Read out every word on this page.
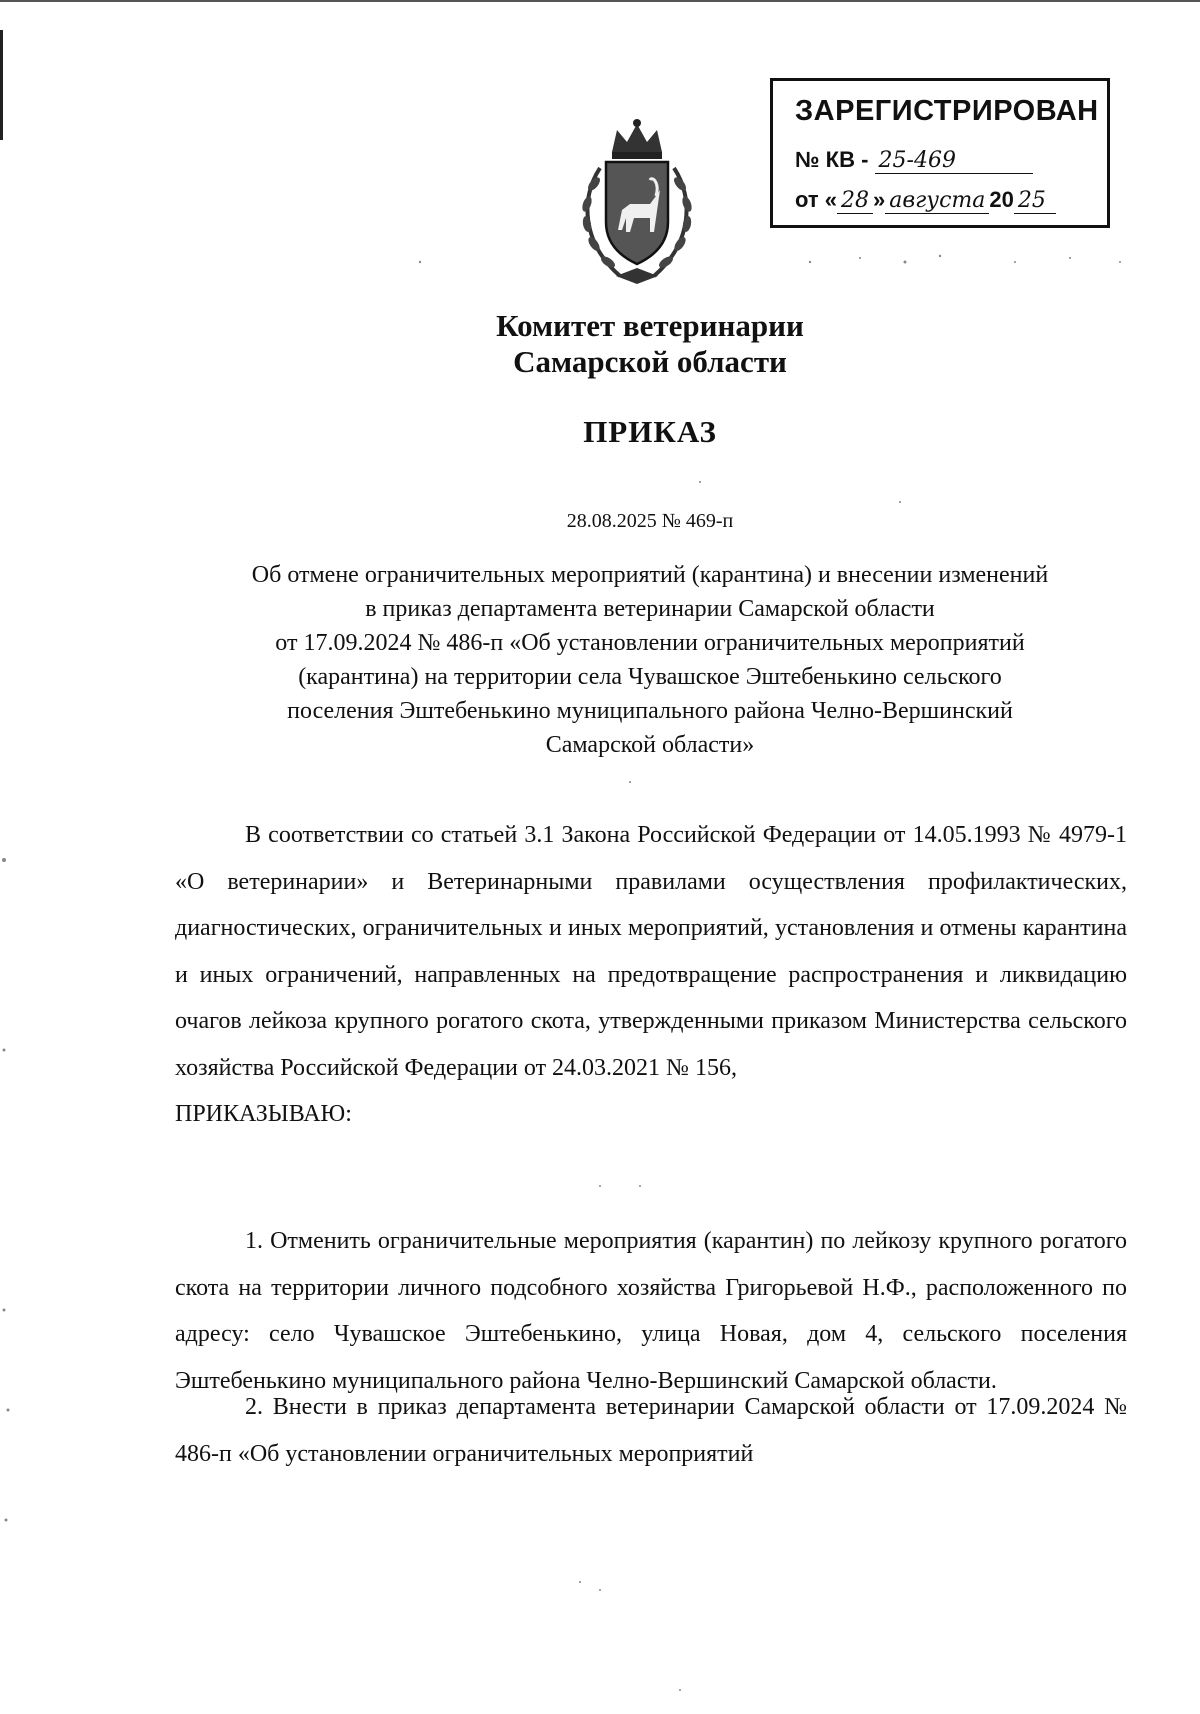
ЗАРЕГИСТРИРОВАН
№ КВ - 25-469
от « 28 » августа 20 25
Комитет ветеринарии
Самарской области
ПРИКАЗ
28.08.2025 № 469-п
Об отмене ограничительных мероприятий (карантина) и внесении изменений
в приказ департамента ветеринарии Самарской области
от 17.09.2024 № 486-п «Об установлении ограничительных мероприятий
(карантина) на территории села Чувашское Эштебенькино сельского
поселения Эштебенькино муниципального района Челно-Вершинский
Самарской области»

В соответствии со статьей 3.1 Закона Российской Федерации от 14.05.1993 № 4979-1 «О ветеринарии» и Ветеринарными правилами осуществления профилактических, диагностических, ограничительных и иных мероприятий, установления и отмены карантина и иных ограничений, направленных на предотвращение распространения и ликвидацию очагов лейкоза крупного рогатого скота, утвержденными приказом Министерства сельского хозяйства Российской Федерации от 24.03.2021 № 156,

ПРИКАЗЫВАЮ:

1. Отменить ограничительные мероприятия (карантин) по лейкозу крупного рогатого скота на территории личного подсобного хозяйства Григорьевой Н.Ф., расположенного по адресу: село Чувашское Эштебенькино, улица Новая, дом 4, сельского поселения Эштебенькино муниципального района Челно-Вершинский Самарской области.

2. Внести в приказ департамента ветеринарии Самарской области от 17.09.2024 № 486-п «Об установлении ограничительных мероприятий
